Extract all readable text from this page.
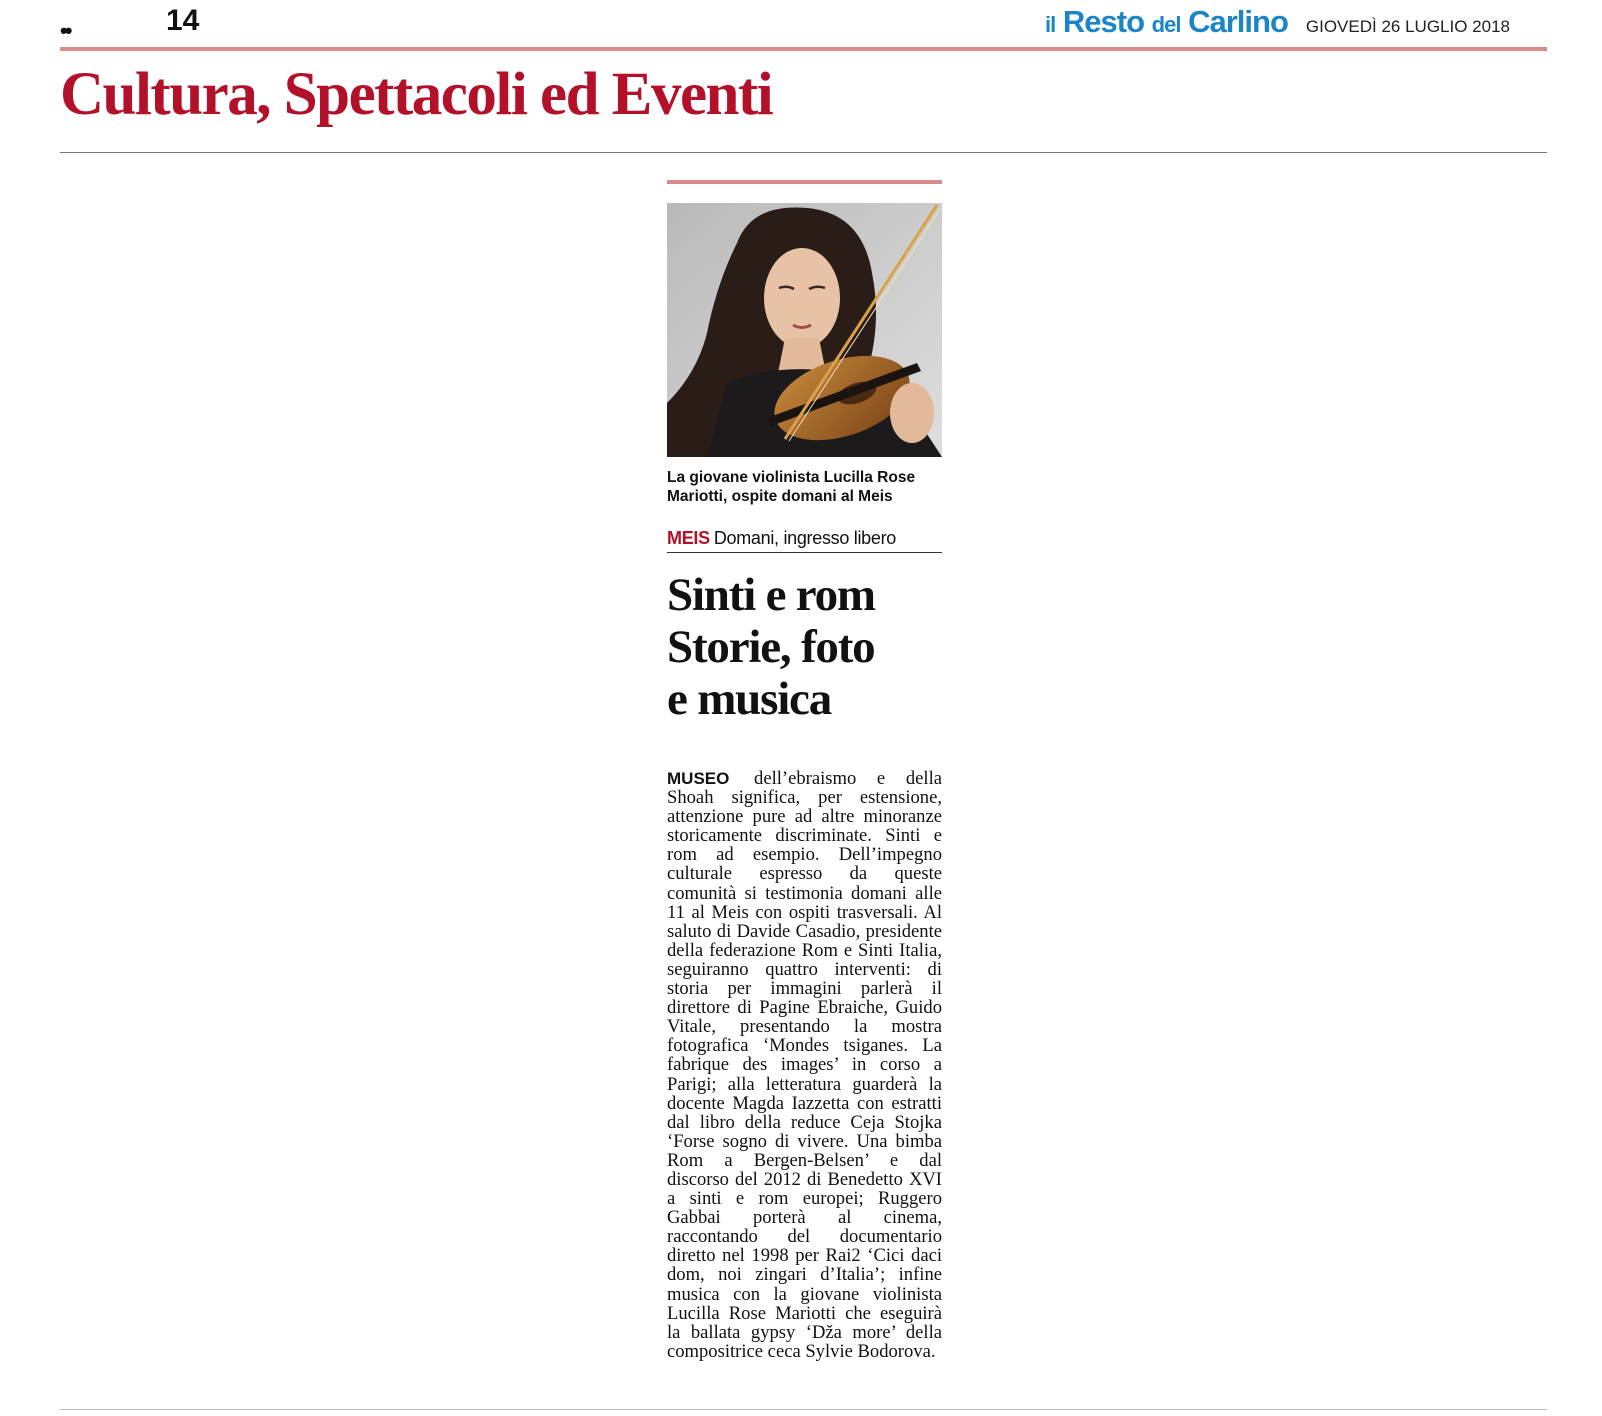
••	14	il Resto del Carlino GIOVEDÌ 26 LUGLIO 2018
Cultura, Spettacoli ed Eventi
La giovane violinista Lucilla Rose Mariotti, ospite domani al Meis
MEIS Domani, ingresso libero
Sinti e rom
Storie, foto
e musica

MUSEO dell’ebraismo e della Shoah significa, per estensione, attenzione pure ad altre minoranze storicamente discriminate. Sinti e rom ad esempio. Dell’impegno culturale espresso da queste comunità si testimonia domani alle 11 al Meis con ospiti trasversali. Al saluto di Davide Casadio, presidente della federazione Rom e Sinti Italia, seguiranno quattro interventi: di storia per immagini parlerà il direttore di Pagine Ebraiche, Guido Vitale, presentando la mostra fotografica ‘Mondes tsiganes. La fabrique des images’ in corso a Parigi; alla letteratura guarderà la docente Magda Iazzetta con estratti dal libro della reduce Ceja Stojka ‘Forse sogno di vivere. Una bimba Rom a Bergen-Belsen’ e dal discorso del 2012 di Benedetto XVI a sinti e rom europei; Ruggero Gabbai porterà al cinema, raccontando del documentario diretto nel 1998 per Rai2 ‘Cici daci dom, noi zingari d’Italia’; infine musica con la giovane violinista Lucilla Rose Mariotti che eseguirà la ballata gypsy ‘Dža more’ della compositrice ceca Sylvie Bodorova.
